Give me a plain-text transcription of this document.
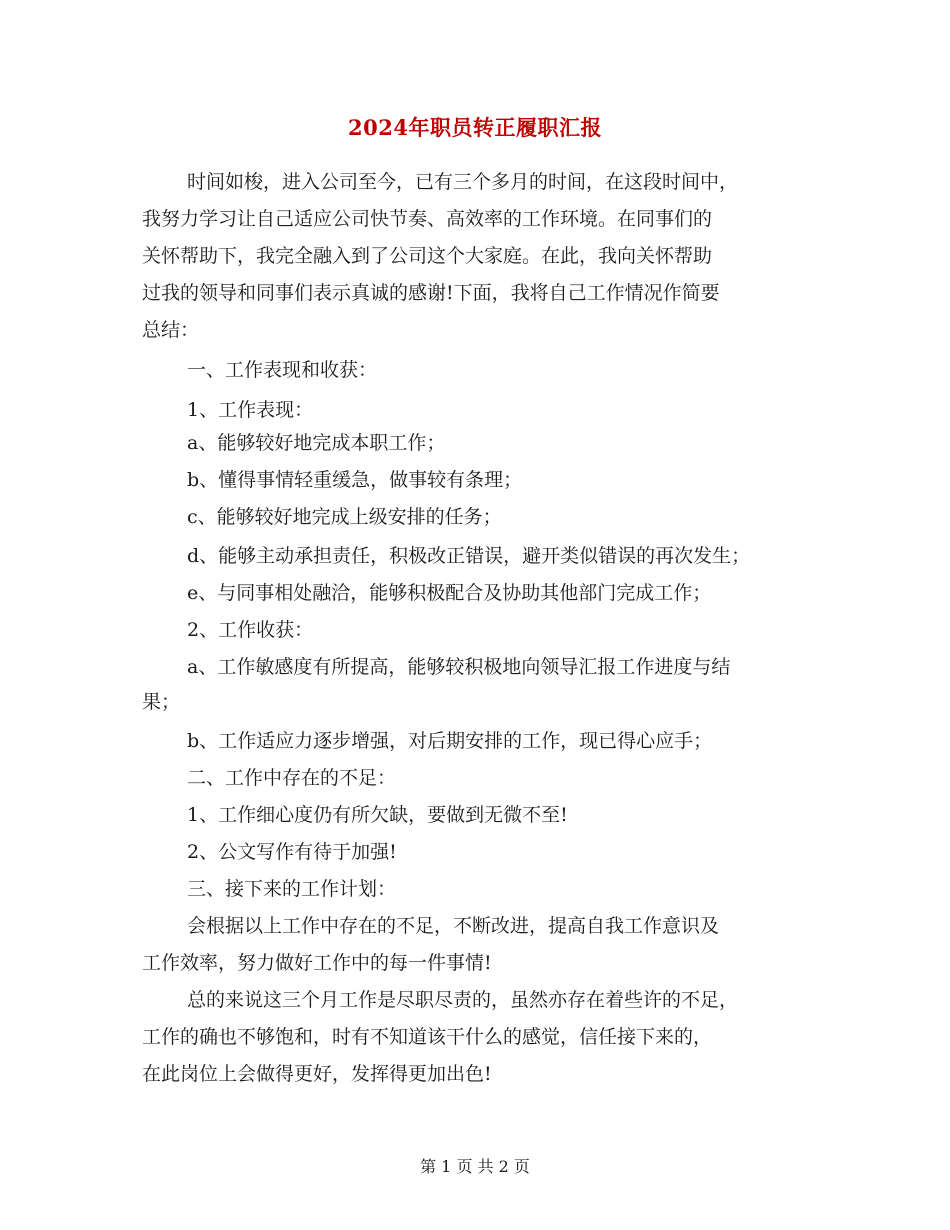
2024年职员转正履职汇报
时间如梭，进入公司至今，已有三个多月的时间，在这段时间中，
我努力学习让自己适应公司快节奏、高效率的工作环境。在同事们的
关怀帮助下，我完全融入到了公司这个大家庭。在此，我向关怀帮助
过我的领导和同事们表示真诚的感谢!下面，我将自己工作情况作简要
总结：
一、工作表现和收获：
1、工作表现：
a、能够较好地完成本职工作；
b、懂得事情轻重缓急，做事较有条理；
c、能够较好地完成上级安排的任务；
d、能够主动承担责任，积极改正错误，避开类似错误的再次发生；
e、与同事相处融洽，能够积极配合及协助其他部门完成工作；
2、工作收获：
a、工作敏感度有所提高，能够较积极地向领导汇报工作进度与结
果；
b、工作适应力逐步增强，对后期安排的工作，现已得心应手；
二、工作中存在的不足：
1、工作细心度仍有所欠缺，要做到无微不至!
2、公文写作有待于加强!
三、接下来的工作计划：
会根据以上工作中存在的不足，不断改进，提高自我工作意识及
工作效率，努力做好工作中的每一件事情!
总的来说这三个月工作是尽职尽责的，虽然亦存在着些许的不足，
工作的确也不够饱和，时有不知道该干什么的感觉，信任接下来的，
在此岗位上会做得更好，发挥得更加出色!
第 1 页 共 2 页
